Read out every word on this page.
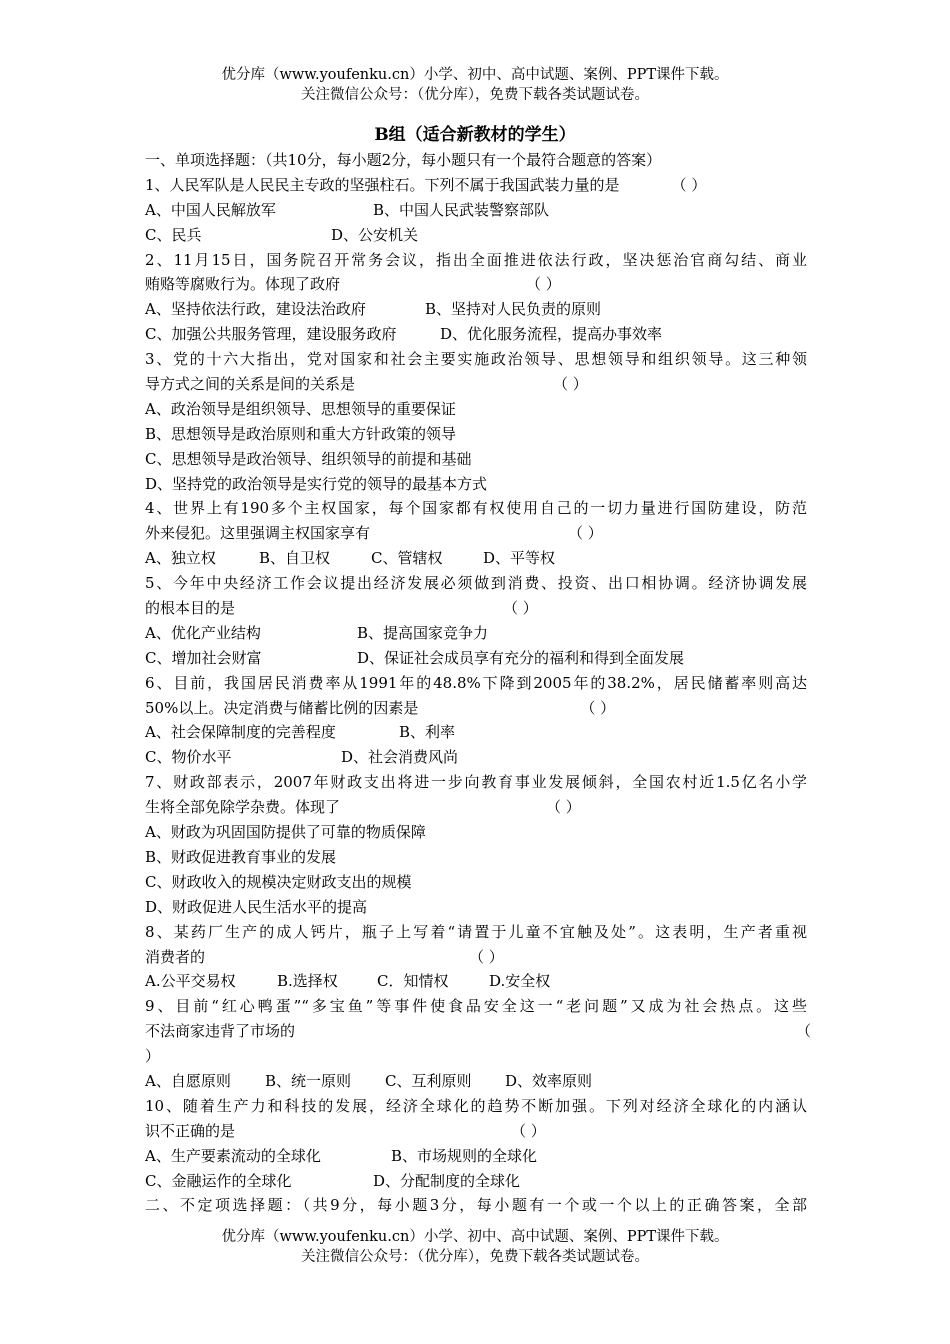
优分库（www.youfenku.cn）小学、初中、高中试题、案例、PPT课件下载。
关注微信公众号：（优分库），免费下载各类试题试卷。
B组（适合新教材的学生）
一、单项选择题：（共10分，每小题2分，每小题只有一个最符合题意的答案）
1、人民军队是人民民主专政的坚强柱石。下列不属于我国武装力量的是	（ ）
A、中国人民解放军	B、中国人民武装警察部队
C、民兵	D、公安机关
2、11月15日，国务院召开常务会议，指出全面推进依法行政，坚决惩治官商勾结、商业
贿赂等腐败行为。体现了政府	（ ）
A、坚持依法行政，建设法治政府	B、坚持对人民负责的原则
C、加强公共服务管理，建设服务政府	D、优化服务流程，提高办事效率
3、党的十六大指出，党对国家和社会主要实施政治领导、思想领导和组织领导。这三种领
导方式之间的关系是间的关系是	（ ）
A、政治领导是组织领导、思想领导的重要保证
B、思想领导是政治原则和重大方针政策的领导
C、思想领导是政治领导、组织领导的前提和基础
D、坚持党的政治领导是实行党的领导的最基本方式
4、世界上有190多个主权国家，每个国家都有权使用自己的一切力量进行国防建设，防范
外来侵犯。这里强调主权国家享有	（ ）
A、独立权	B、自卫权	C、管辖权	D、平等权
5、今年中央经济工作会议提出经济发展必须做到消费、投资、出口相协调。经济协调发展
的根本目的是	（ ）
A、优化产业结构	B、提高国家竞争力
C、增加社会财富	D、保证社会成员享有充分的福利和得到全面发展
6、目前，我国居民消费率从1991年的48.8%下降到2005年的38.2%，居民储蓄率则高达
50%以上。决定消费与储蓄比例的因素是	（ ）
A、社会保障制度的完善程度	B、利率
C、物价水平	D、社会消费风尚
7、财政部表示，2007年财政支出将进一步向教育事业发展倾斜，全国农村近1.5亿名小学
生将全部免除学杂费。体现了	（ ）
A、财政为巩固国防提供了可靠的物质保障
B、财政促进教育事业的发展
C、财政收入的规模决定财政支出的规模
D、财政促进人民生活水平的提高
8、某药厂生产的成人钙片，瓶子上写着“请置于儿童不宜触及处”。这表明，生产者重视
消费者的	（ ）
A.公平交易权	B.选择权	C．知情权	D.安全权
9、目前“红心鸭蛋”“多宝鱼”等事件使食品安全这一“老问题”又成为社会热点。这些
不法商家违背了市场的	（
）
A、自愿原则 B、统一原则 C、互利原则 D、效率原则
10、随着生产力和科技的发展，经济全球化的趋势不断加强。下列对经济全球化的内涵认
识不正确的是	（ ）
A、生产要素流动的全球化	B、市场规则的全球化
C、金融运作的全球化	D、分配制度的全球化
二、不定项选择题：（共9分，每小题3分，每小题有一个或一个以上的正确答案，全部
优分库（www.youfenku.cn）小学、初中、高中试题、案例、PPT课件下载。
关注微信公众号：（优分库），免费下载各类试题试卷。
